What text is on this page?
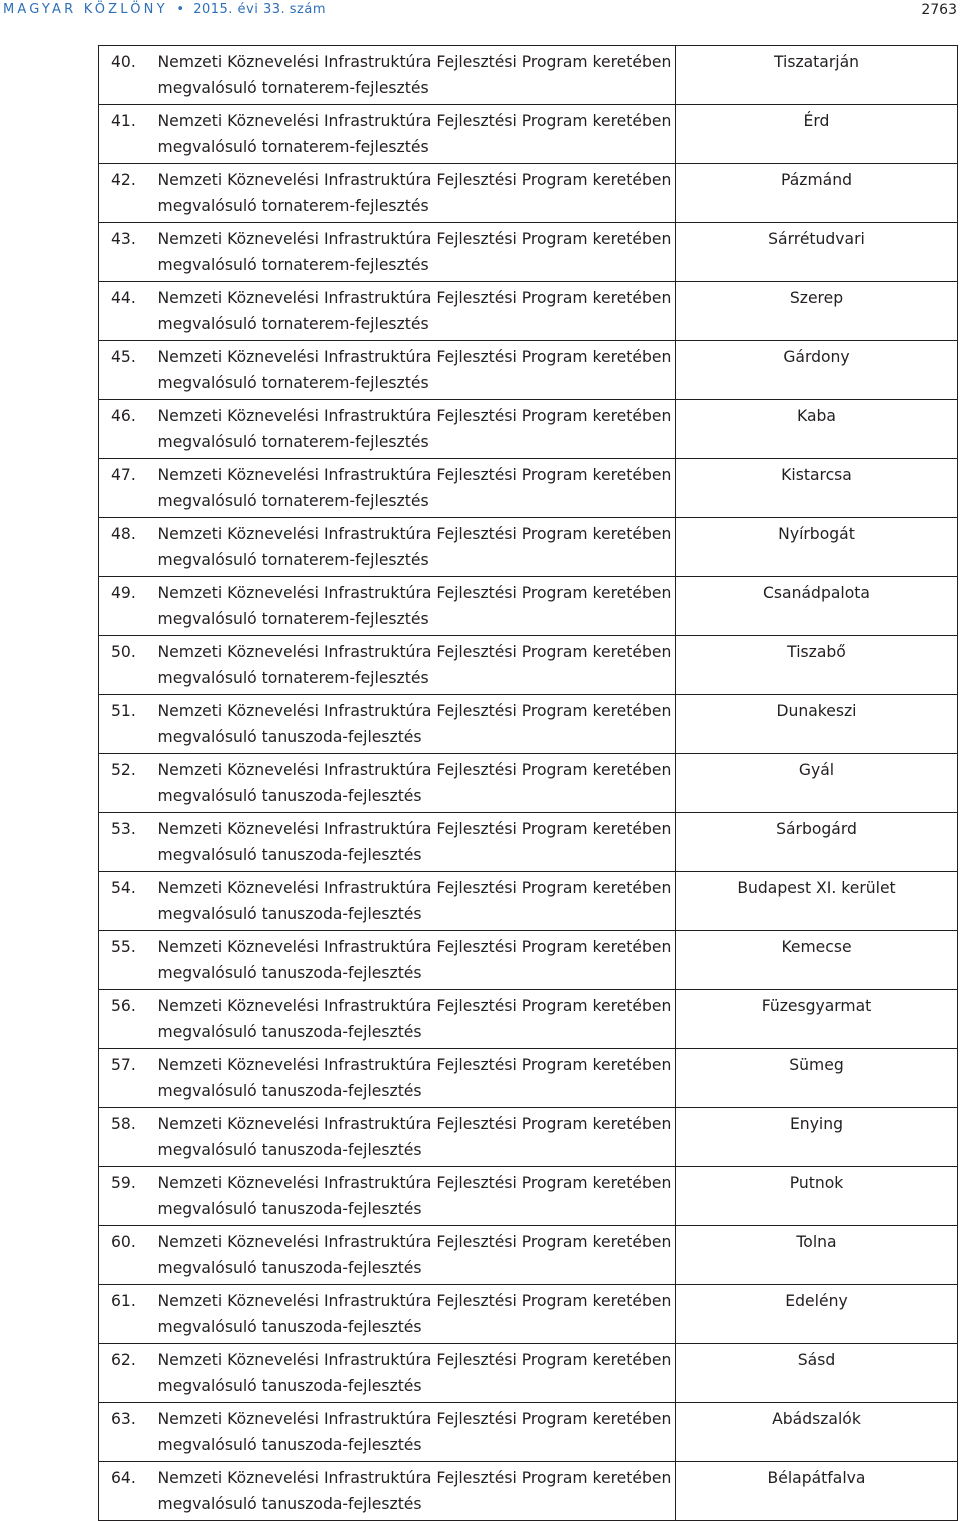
MAGYAR KÖZLÖNY • 2015. évi 33. szám	2763
40.	Nemzeti Köznevelési Infrastruktúra Fejlesztési Program keretében
megvalósuló tornaterem-fejlesztés	Tiszatarján
41.	Nemzeti Köznevelési Infrastruktúra Fejlesztési Program keretében
megvalósuló tornaterem-fejlesztés	Érd
42.	Nemzeti Köznevelési Infrastruktúra Fejlesztési Program keretében
megvalósuló tornaterem-fejlesztés	Pázmánd
43.	Nemzeti Köznevelési Infrastruktúra Fejlesztési Program keretében
megvalósuló tornaterem-fejlesztés	Sárrétudvari
44.	Nemzeti Köznevelési Infrastruktúra Fejlesztési Program keretében
megvalósuló tornaterem-fejlesztés	Szerep
45.	Nemzeti Köznevelési Infrastruktúra Fejlesztési Program keretében
megvalósuló tornaterem-fejlesztés	Gárdony
46.	Nemzeti Köznevelési Infrastruktúra Fejlesztési Program keretében
megvalósuló tornaterem-fejlesztés	Kaba
47.	Nemzeti Köznevelési Infrastruktúra Fejlesztési Program keretében
megvalósuló tornaterem-fejlesztés	Kistarcsa
48.	Nemzeti Köznevelési Infrastruktúra Fejlesztési Program keretében
megvalósuló tornaterem-fejlesztés	Nyírbogát
49.	Nemzeti Köznevelési Infrastruktúra Fejlesztési Program keretében
megvalósuló tornaterem-fejlesztés	Csanádpalota
50.	Nemzeti Köznevelési Infrastruktúra Fejlesztési Program keretében
megvalósuló tornaterem-fejlesztés	Tiszabő
51.	Nemzeti Köznevelési Infrastruktúra Fejlesztési Program keretében
megvalósuló tanuszoda-fejlesztés	Dunakeszi
52.	Nemzeti Köznevelési Infrastruktúra Fejlesztési Program keretében
megvalósuló tanuszoda-fejlesztés	Gyál
53.	Nemzeti Köznevelési Infrastruktúra Fejlesztési Program keretében
megvalósuló tanuszoda-fejlesztés	Sárbogárd
54.	Nemzeti Köznevelési Infrastruktúra Fejlesztési Program keretében
megvalósuló tanuszoda-fejlesztés	Budapest XI. kerület
55.	Nemzeti Köznevelési Infrastruktúra Fejlesztési Program keretében
megvalósuló tanuszoda-fejlesztés	Kemecse
56.	Nemzeti Köznevelési Infrastruktúra Fejlesztési Program keretében
megvalósuló tanuszoda-fejlesztés	Füzesgyarmat
57.	Nemzeti Köznevelési Infrastruktúra Fejlesztési Program keretében
megvalósuló tanuszoda-fejlesztés	Sümeg
58.	Nemzeti Köznevelési Infrastruktúra Fejlesztési Program keretében
megvalósuló tanuszoda-fejlesztés	Enying
59.	Nemzeti Köznevelési Infrastruktúra Fejlesztési Program keretében
megvalósuló tanuszoda-fejlesztés	Putnok
60.	Nemzeti Köznevelési Infrastruktúra Fejlesztési Program keretében
megvalósuló tanuszoda-fejlesztés	Tolna
61.	Nemzeti Köznevelési Infrastruktúra Fejlesztési Program keretében
megvalósuló tanuszoda-fejlesztés	Edelény
62.	Nemzeti Köznevelési Infrastruktúra Fejlesztési Program keretében
megvalósuló tanuszoda-fejlesztés	Sásd
63.	Nemzeti Köznevelési Infrastruktúra Fejlesztési Program keretében
megvalósuló tanuszoda-fejlesztés	Abádszalók
64.	Nemzeti Köznevelési Infrastruktúra Fejlesztési Program keretében
megvalósuló tanuszoda-fejlesztés	Bélapátfalva
